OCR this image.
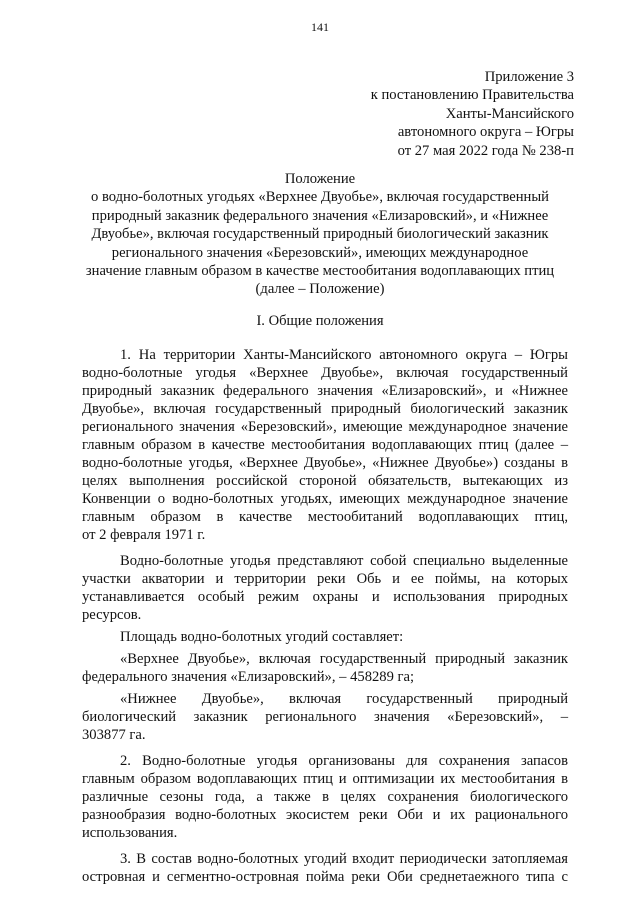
141
Приложение 3
к постановлению Правительства
Ханты-Мансийского
автономного округа – Югры
от 27 мая 2022 года № 238-п
Положение
о водно-болотных угодьях «Верхнее Двуобье», включая государственный
природный заказник федерального значения «Елизаровский», и «Нижнее
Двуобье», включая государственный природный биологический заказник
регионального значения «Березовский», имеющих международное
значение главным образом в качестве местообитания водоплавающих птиц
(далее – Положение)
I. Общие положения
1. На территории Ханты-Мансийского автономного округа – Югры
водно-болотные угодья «Верхнее Двуобье», включая государственный
природный заказник федерального значения «Елизаровский», и «Нижнее
Двуобье», включая государственный природный биологический заказник
регионального значения «Березовский», имеющие международное значение
главным образом в качестве местообитания водоплавающих птиц (далее –
водно-болотные угодья, «Верхнее Двуобье», «Нижнее Двуобье») созданы в
целях выполнения российской стороной обязательств, вытекающих из
Конвенции о водно-болотных угодьях, имеющих международное значение
главным образом в качестве местообитаний водоплавающих птиц,
от 2 февраля 1971 г.
Водно-болотные угодья представляют собой специально выделенные
участки акватории и территории реки Обь и ее поймы, на которых
устанавливается особый режим охраны и использования природных
ресурсов.
Площадь водно-болотных угодий составляет:
«Верхнее Двуобье», включая государственный природный заказник
федерального значения «Елизаровский», – 458289 га;
«Нижнее Двуобье», включая государственный природный
биологический заказник регионального значения «Березовский», –
303877 га.
2. Водно-болотные угодья организованы для сохранения запасов
главным образом водоплавающих птиц и оптимизации их местообитания в
различные сезоны года, а также в целях сохранения биологического
разнообразия водно-болотных экосистем реки Оби и их рационального
использования.
3. В состав водно-болотных угодий входит периодически затопляемая
островная и сегментно-островная пойма реки Оби среднетаежного типа с
